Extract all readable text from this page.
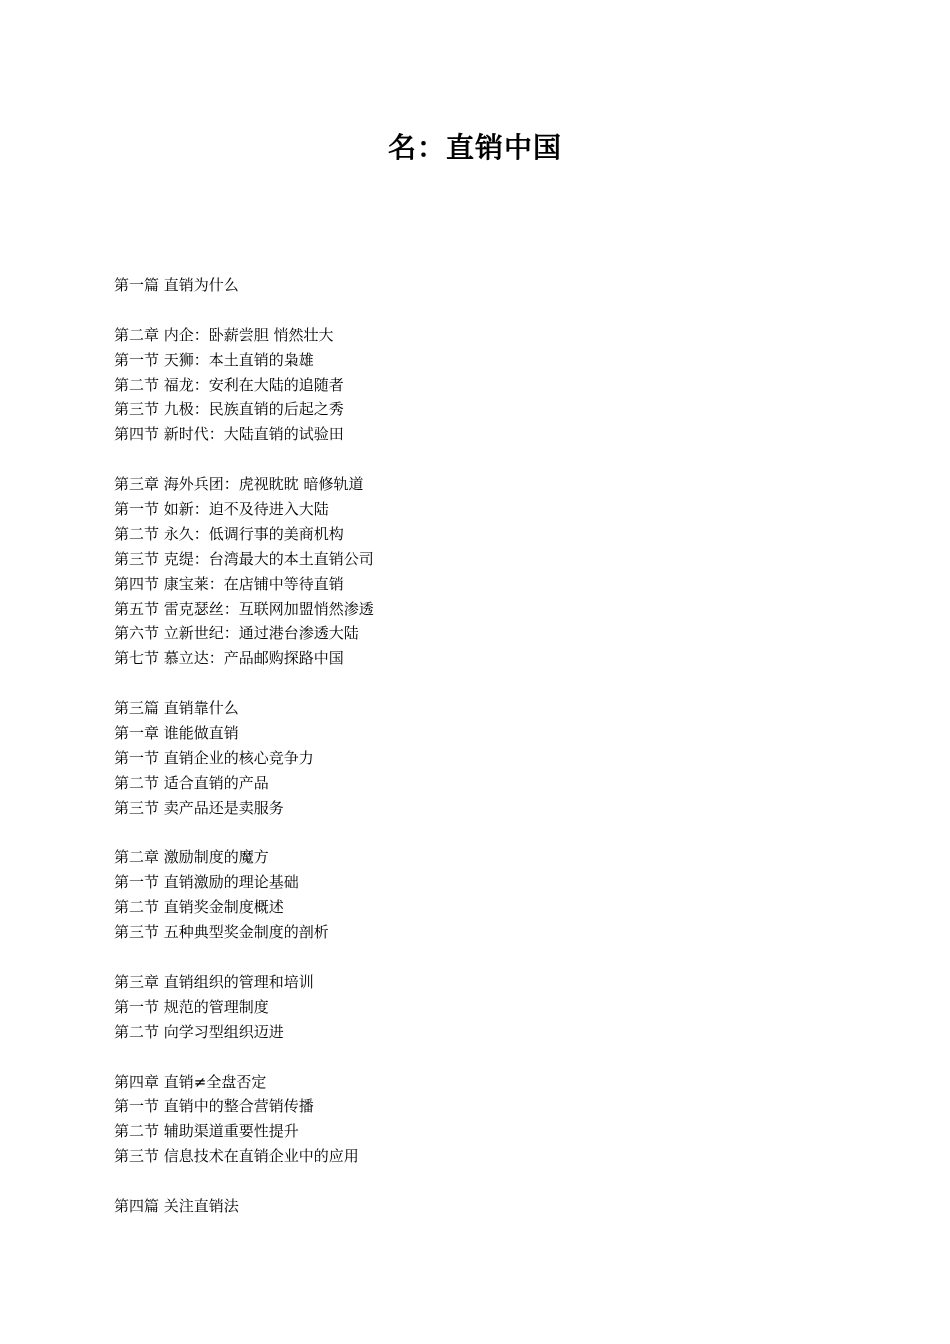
名：直销中国
第一篇 直销为什么
第二章 内企：卧薪尝胆 悄然壮大
第一节 天狮：本土直销的枭雄
第二节 福龙：安利在大陆的追随者
第三节 九极：民族直销的后起之秀
第四节 新时代：大陆直销的试验田
第三章 海外兵团：虎视眈眈 暗修轨道
第一节 如新：迫不及待进入大陆
第二节 永久：低调行事的美商机构
第三节 克缇：台湾最大的本土直销公司
第四节 康宝莱：在店铺中等待直销
第五节 雷克瑟丝：互联网加盟悄然渗透
第六节 立新世纪：通过港台渗透大陆
第七节 慕立达：产品邮购探路中国
第三篇 直销靠什么
第一章 谁能做直销
第一节 直销企业的核心竞争力
第二节 适合直销的产品
第三节 卖产品还是卖服务
第二章 激励制度的魔方
第一节 直销激励的理论基础
第二节 直销奖金制度概述
第三节 五种典型奖金制度的剖析
第三章 直销组织的管理和培训
第一节 规范的管理制度
第二节 向学习型组织迈进
第四章 直销≠全盘否定
第一节 直销中的整合营销传播
第二节 辅助渠道重要性提升
第三节 信息技术在直销企业中的应用
第四篇 关注直销法
